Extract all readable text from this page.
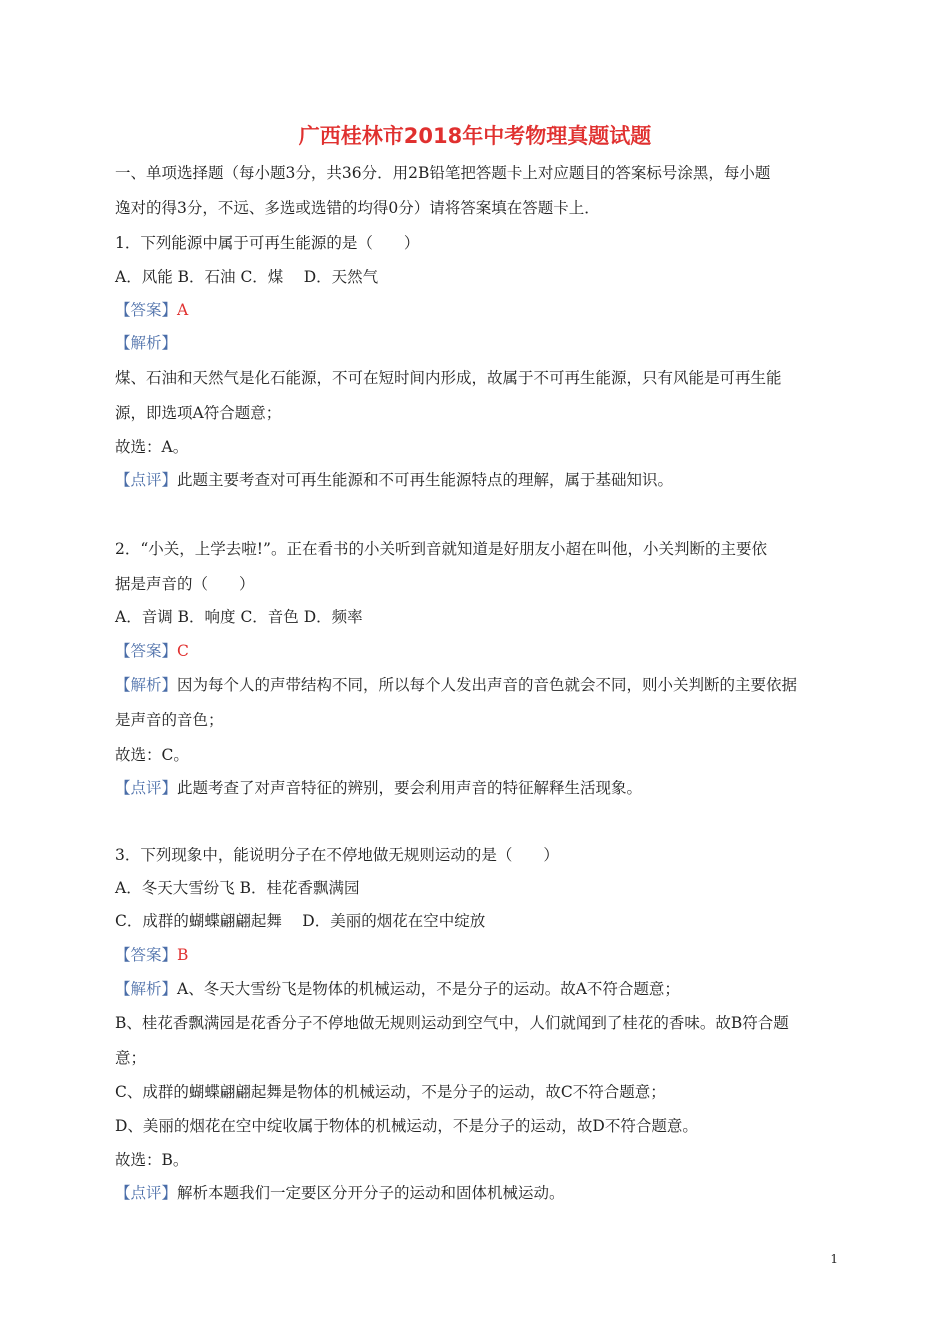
广西桂林市2018年中考物理真题试题
一、单项选择题（每小题3分，共36分．用2B铅笔把答题卡上对应题目的答案标号涂黑，每小题
逸对的得3分，不远、多选或选错的均得0分）请将答案填在答题卡上．
1．下列能源中属于可再生能源的是（　　）
A．风能 B．石油 C．煤　 D．天然气
【答案】A
【解析】
煤、石油和天然气是化石能源，不可在短时间内形成，故属于不可再生能源，只有风能是可再生能
源，即选项A符合题意；
故选：A。
【点评】此题主要考查对可再生能源和不可再生能源特点的理解，属于基础知识。
2．“小关，上学去啦!”。正在看书的小关听到音就知道是好朋友小超在叫他，小关判断的主要依
据是声音的（　　）
A．音调 B．响度 C．音色 D．频率
【答案】C
【解析】因为每个人的声带结构不同，所以每个人发出声音的音色就会不同，则小关判断的主要依据
是声音的音色；
故选：C。
【点评】此题考查了对声音特征的辨别，要会利用声音的特征解释生活现象。
3．下列现象中，能说明分子在不停地做无规则运动的是（　　）
A．冬天大雪纷飞 B．桂花香飘满园
C．成群的蝴蝶翩翩起舞　 D．美丽的烟花在空中绽放
【答案】B
【解析】A、冬天大雪纷飞是物体的机械运动，不是分子的运动。故A不符合题意；
B、桂花香飘满园是花香分子不停地做无规则运动到空气中，人们就闻到了桂花的香味。故B符合题
意；
C、成群的蝴蝶翩翩起舞是物体的机械运动，不是分子的运动，故C不符合题意；
D、美丽的烟花在空中绽收属于物体的机械运动，不是分子的运动，故D不符合题意。
故选：B。
【点评】解析本题我们一定要区分开分子的运动和固体机械运动。
1
